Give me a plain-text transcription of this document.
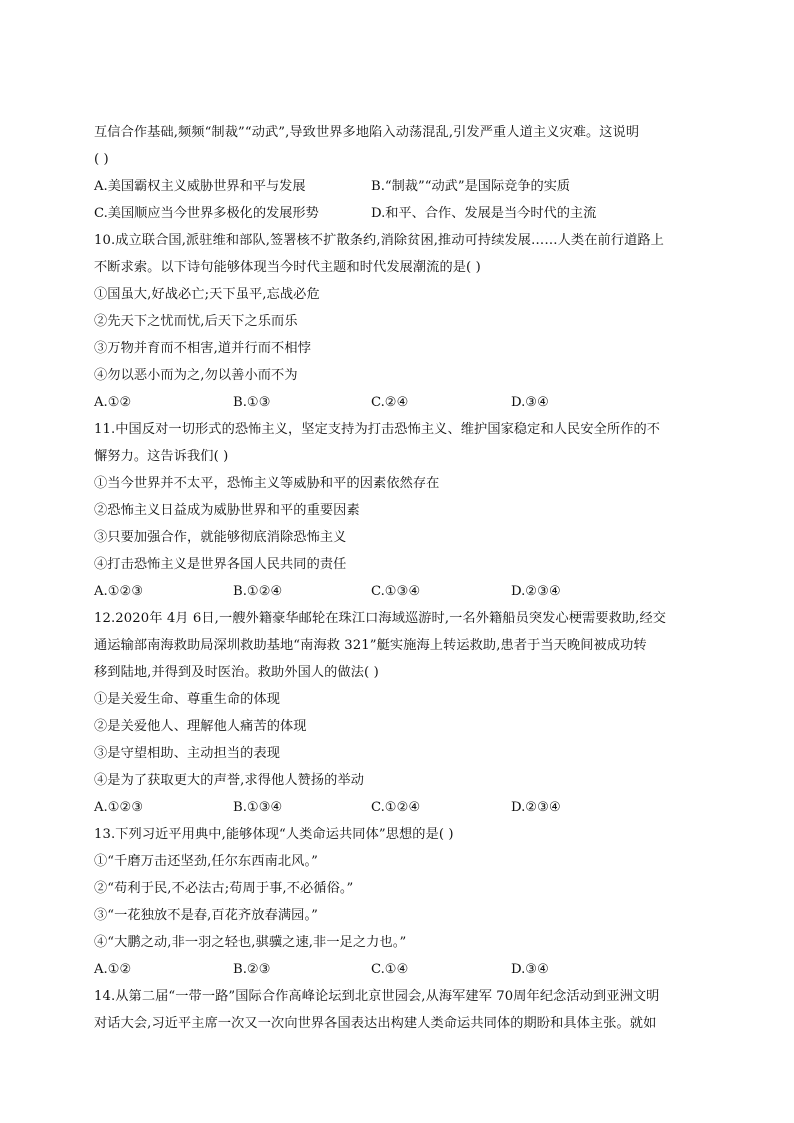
互信合作基础,频频“制裁”“动武”,导致世界多地陷入动荡混乱,引发严重人道主义灾难。这说明
( )
A.美国霸权主义威胁世界和平与发展	B.“制裁”“动武”是国际竞争的实质
C.美国顺应当今世界多极化的发展形势	D.和平、合作、发展是当今时代的主流
10.成立联合国,派驻维和部队,签署核不扩散条约,消除贫困,推动可持续发展……人类在前行道路上
不断求索。以下诗句能够体现当今时代主题和时代发展潮流的是( )
①国虽大,好战必亡;天下虽平,忘战必危
②先天下之忧而忧,后天下之乐而乐
③万物并育而不相害,道并行而不相悖
④勿以恶小而为之,勿以善小而不为
A.①②	B.①③	C.②④	D.③④
11.中国反对一切形式的恐怖主义，坚定支持为打击恐怖主义、维护国家稳定和人民安全所作的不
懈努力。这告诉我们( )
①当今世界并不太平，恐怖主义等威胁和平的因素依然存在
②恐怖主义日益成为威胁世界和平的重要因素
③只要加强合作，就能够彻底消除恐怖主义
④打击恐怖主义是世界各国人民共同的责任
A.①②③	B.①②④	C.①③④	D.②③④
12.2020年 4月 6日,一艘外籍豪华邮轮在珠江口海域巡游时,一名外籍船员突发心梗需要救助,经交
通运输部南海救助局深圳救助基地“南海救 321”艇实施海上转运救助,患者于当天晚间被成功转
移到陆地,并得到及时医治。救助外国人的做法( )
①是关爱生命、尊重生命的体现
②是关爱他人、理解他人痛苦的体现
③是守望相助、主动担当的表现
④是为了获取更大的声誉,求得他人赞扬的举动
A.①②③	B.①③④	C.①②④	D.②③④
13.下列习近平用典中,能够体现“人类命运共同体”思想的是( )
①“千磨万击还坚劲,任尔东西南北风。”
②“苟利于民,不必法古;苟周于事,不必循俗。”
③“一花独放不是春,百花齐放春满园。”
④“大鹏之动,非一羽之轻也,骐骥之速,非一足之力也。”
A.①②	B.②③	C.①④	D.③④
14.从第二届“一带一路”国际合作高峰论坛到北京世园会,从海军建军 70周年纪念活动到亚洲文明
对话大会,习近平主席一次又一次向世界各国表达出构建人类命运共同体的期盼和具体主张。就如
